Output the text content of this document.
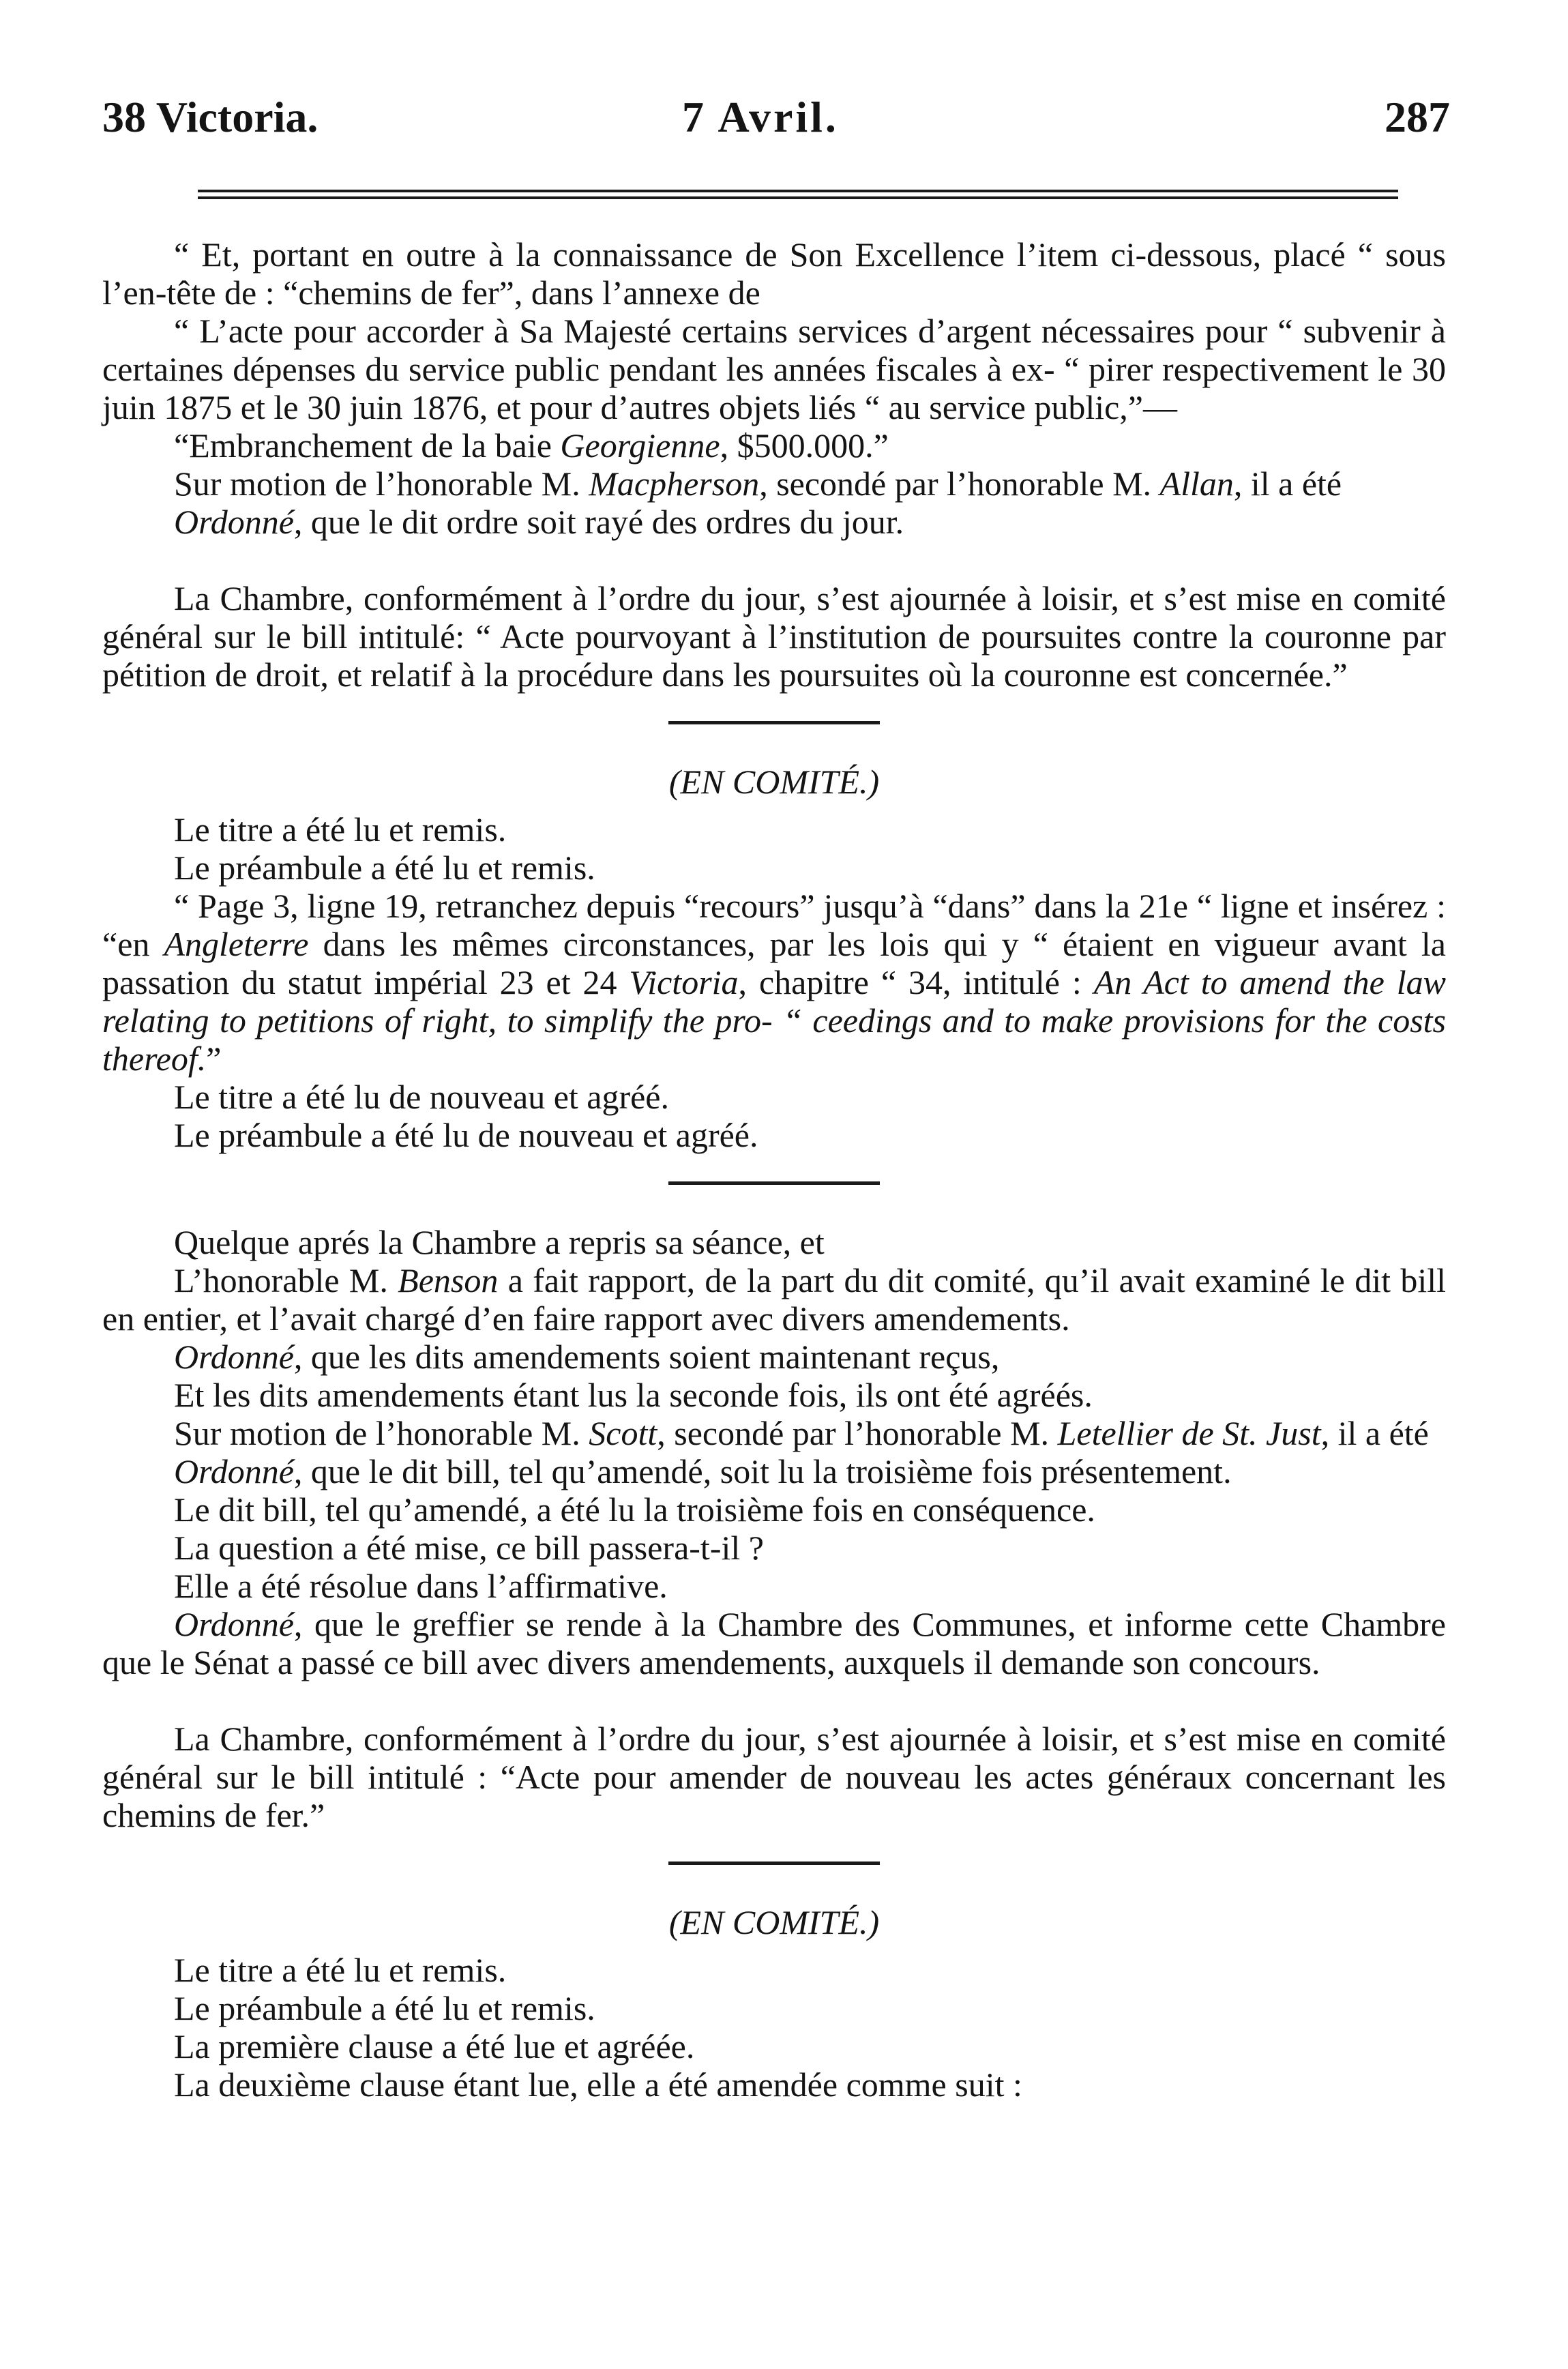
38 Victoria.	7 Avril.	287

“ Et, portant en outre à la connaissance de Son Excellence l’item ci-dessous, placé “ sous l’en-tête de : “chemins de fer”, dans l’annexe de

“ L’acte pour accorder à Sa Majesté certains services d’argent nécessaires pour “ subvenir à certaines dépenses du service public pendant les années fiscales à ex- “ pirer respectivement le 30 juin 1875 et le 30 juin 1876, et pour d’autres objets liés “ au service public,”—

“Embranchement de la baie Georgienne, $500.000.”

Sur motion de l’honorable M. Macpherson, secondé par l’honorable M. Allan, il a été

Ordonné, que le dit ordre soit rayé des ordres du jour.

La Chambre, conformément à l’ordre du jour, s’est ajournée à loisir, et s’est mise en comité général sur le bill intitulé: “ Acte pourvoyant à l’institution de poursuites contre la couronne par pétition de droit, et relatif à la procédure dans les poursuites où la couronne est concernée.”

(EN COMITÉ.)

Le titre a été lu et remis.

Le préambule a été lu et remis.

“ Page 3, ligne 19, retranchez depuis “recours” jusqu’à “dans” dans la 21e “ ligne et insérez : “en Angleterre dans les mêmes circonstances, par les lois qui y “ étaient en vigueur avant la passation du statut impérial 23 et 24 Victoria, chapitre “ 34, intitulé : An Act to amend the law relating to petitions of right, to simplify the pro- “ ceedings and to make provisions for the costs thereof.”

Le titre a été lu de nouveau et agréé.

Le préambule a été lu de nouveau et agréé.

Quelque aprés la Chambre a repris sa séance, et

L’honorable M. Benson a fait rapport, de la part du dit comité, qu’il avait examiné le dit bill en entier, et l’avait chargé d’en faire rapport avec divers amendements.

Ordonné, que les dits amendements soient maintenant reçus,

Et les dits amendements étant lus la seconde fois, ils ont été agréés.

Sur motion de l’honorable M. Scott, secondé par l’honorable M. Letellier de St. Just, il a été

Ordonné, que le dit bill, tel qu’amendé, soit lu la troisième fois présentement.

Le dit bill, tel qu’amendé, a été lu la troisième fois en conséquence.

La question a été mise, ce bill passera-t-il ?

Elle a été résolue dans l’affirmative.

Ordonné, que le greffier se rende à la Chambre des Communes, et informe cette Chambre que le Sénat a passé ce bill avec divers amendements, auxquels il demande son concours.

La Chambre, conformément à l’ordre du jour, s’est ajournée à loisir, et s’est mise en comité général sur le bill intitulé : “Acte pour amender de nouveau les actes généraux concernant les chemins de fer.”

(EN COMITÉ.)

Le titre a été lu et remis.

Le préambule a été lu et remis.

La première clause a été lue et agréée.

La deuxième clause étant lue, elle a été amendée comme suit :
